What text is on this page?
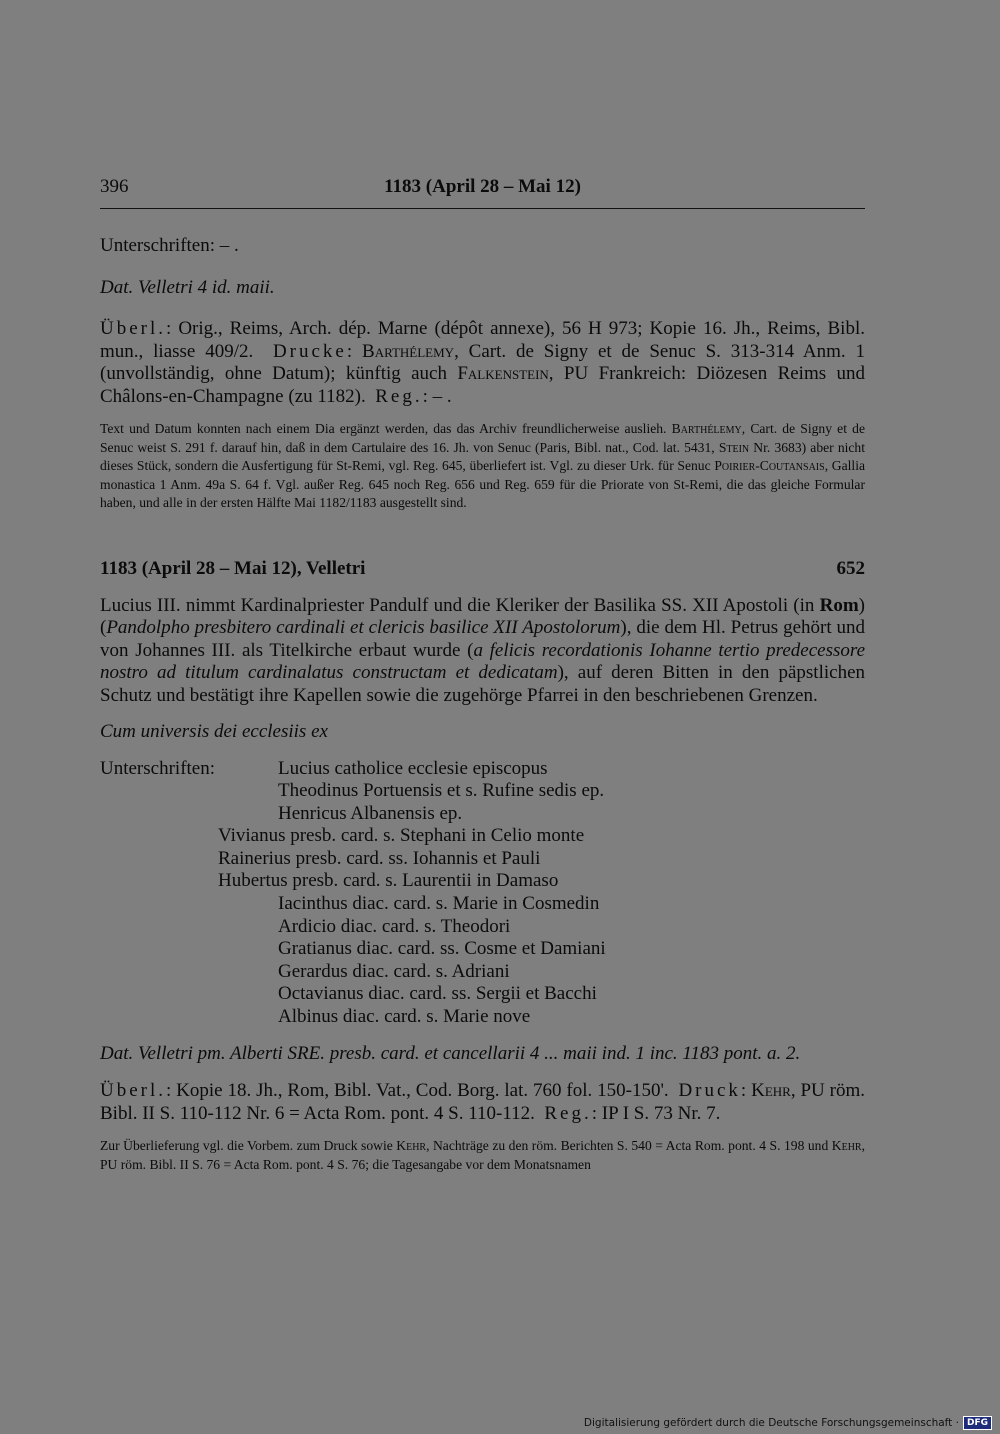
396	1183 (April 28 – Mai 12)

Unterschriften: – .

Dat. Velletri 4 id. maii.

Überl.: Orig., Reims, Arch. dép. Marne (dépôt annexe), 56 H 973; Kopie 16. Jh., Reims, Bibl. mun., liasse 409/2. Drucke: Barthélemy, Cart. de Signy et de Senuc S. 313-314 Anm. 1 (unvollständig, ohne Datum); künftig auch Falkenstein, PU Frankreich: Diözesen Reims und Châlons-en-Champagne (zu 1182). Reg.: – .

Text und Datum konnten nach einem Dia ergänzt werden, das das Archiv freundlicherweise auslieh. Barthélemy, Cart. de Signy et de Senuc weist S. 291 f. darauf hin, daß in dem Cartulaire des 16. Jh. von Senuc (Paris, Bibl. nat., Cod. lat. 5431, Stein Nr. 3683) aber nicht dieses Stück, sondern die Ausfertigung für St-Remi, vgl. Reg. 645, überliefert ist. Vgl. zu dieser Urk. für Senuc Poirier-Coutansais, Gallia monastica 1 Anm. 49a S. 64 f. Vgl. außer Reg. 645 noch Reg. 656 und Reg. 659 für die Priorate von St-Remi, die das gleiche Formular haben, und alle in der ersten Hälfte Mai 1182/1183 ausgestellt sind.

1183 (April 28 – Mai 12), Velletri	652

Lucius III. nimmt Kardinalpriester Pandulf und die Kleriker der Basilika SS. XII Apostoli (in Rom) (Pandolpho presbitero cardinali et clericis basilice XII Apostolorum), die dem Hl. Petrus gehört und von Johannes III. als Titelkirche erbaut wurde (a felicis recordationis Iohanne tertio predecessore nostro ad titulum cardinalatus constructam et dedicatam), auf deren Bitten in den päpstlichen Schutz und bestätigt ihre Kapellen sowie die zugehörge Pfarrei in den beschriebenen Grenzen.

Cum universis dei ecclesiis ex

Unterschriften:	Lucius catholice ecclesie episcopus
Theodinus Portuensis et s. Rufine sedis ep.
Henricus Albanensis ep.
Vivianus presb. card. s. Stephani in Celio monte
Rainerius presb. card. ss. Iohannis et Pauli
Hubertus presb. card. s. Laurentii in Damaso
Iacinthus diac. card. s. Marie in Cosmedin
Ardicio diac. card. s. Theodori
Gratianus diac. card. ss. Cosme et Damiani
Gerardus diac. card. s. Adriani
Octavianus diac. card. ss. Sergii et Bacchi
Albinus diac. card. s. Marie nove

Dat. Velletri pm. Alberti SRE. presb. card. et cancellarii 4 ... maii ind. 1 inc. 1183 pont. a. 2.

Überl.: Kopie 18. Jh., Rom, Bibl. Vat., Cod. Borg. lat. 760 fol. 150-150'. Druck: Kehr, PU röm. Bibl. II S. 110-112 Nr. 6 = Acta Rom. pont. 4 S. 110-112. Reg.: IP I S. 73 Nr. 7.

Zur Überlieferung vgl. die Vorbem. zum Druck sowie Kehr, Nachträge zu den röm. Berichten S. 540 = Acta Rom. pont. 4 S. 198 und Kehr, PU röm. Bibl. II S. 76 = Acta Rom. pont. 4 S. 76; die Tagesangabe vor dem Monatsnamen

Digitalisierung gefördert durch die Deutsche Forschungsgemeinschaft · DFG
